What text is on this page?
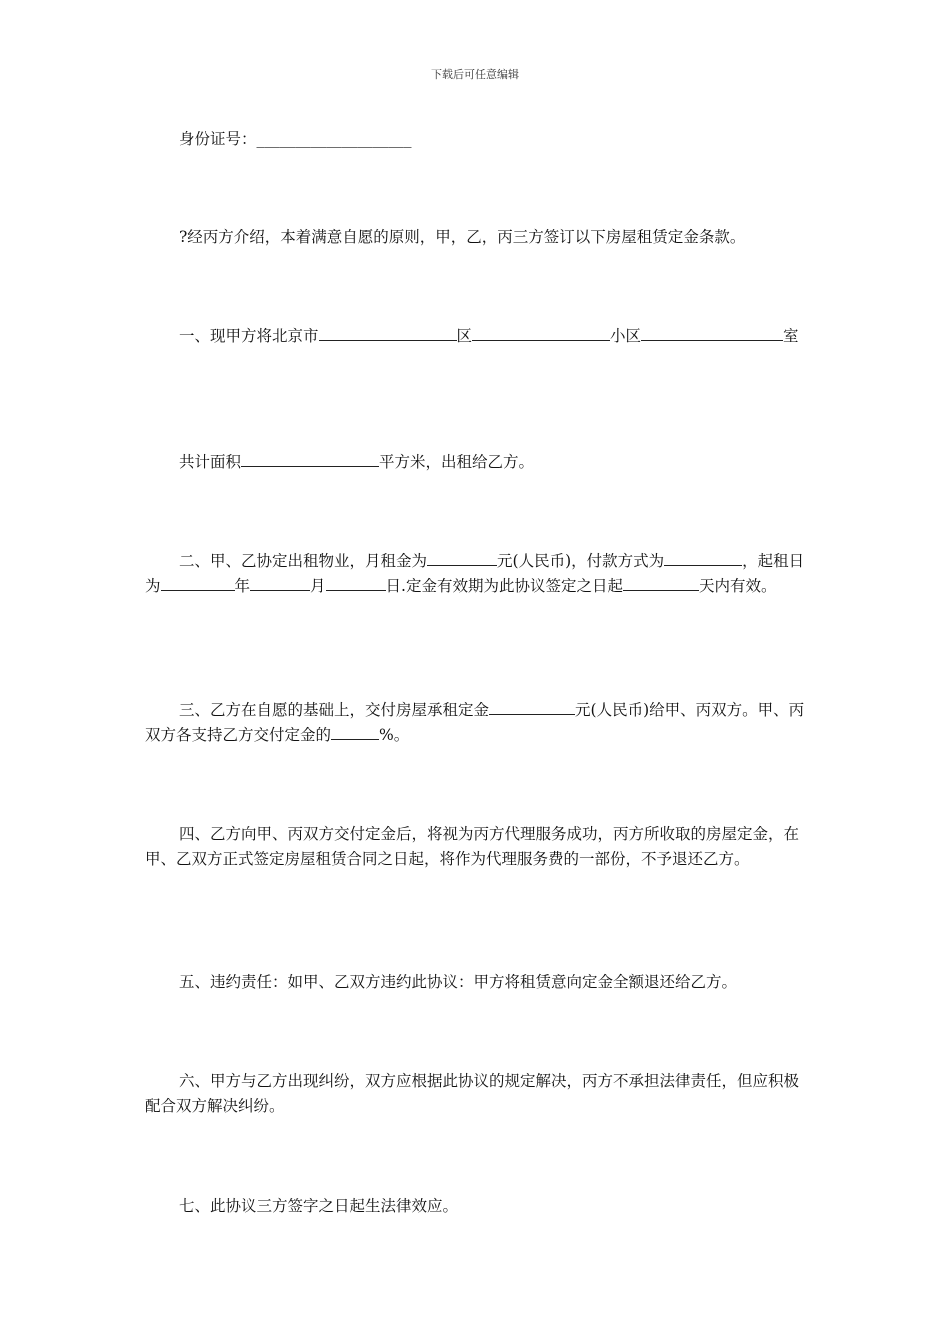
下载后可任意编辑

身份证号：____________________

?经丙方介绍，本着满意自愿的原则，甲，乙，丙三方签订以下房屋租赁定金条款。

一、现甲方将北京市	区	小区	室

共计面积	平方米，出租给乙方。

二、甲、乙协定出租物业，月租金为	元(人民币)，付款方式为	，起租日为	年	月	日.定金有效期为此协议签定之日起	天内有效。

三、乙方在自愿的基础上，交付房屋承租定金	元(人民币)给甲、丙双方。甲、丙双方各支持乙方交付定金的	%。

四、乙方向甲、丙双方交付定金后，将视为丙方代理服务成功，丙方所收取的房屋定金，在甲、乙双方正式签定房屋租赁合同之日起，将作为代理服务费的一部份，不予退还乙方。

五、违约责任：如甲、乙双方违约此协议：甲方将租赁意向定金全额退还给乙方。

六、甲方与乙方出现纠纷，双方应根据此协议的规定解决，丙方不承担法律责任，但应积极配合双方解决纠纷。

七、此协议三方签字之日起生法律效应。
